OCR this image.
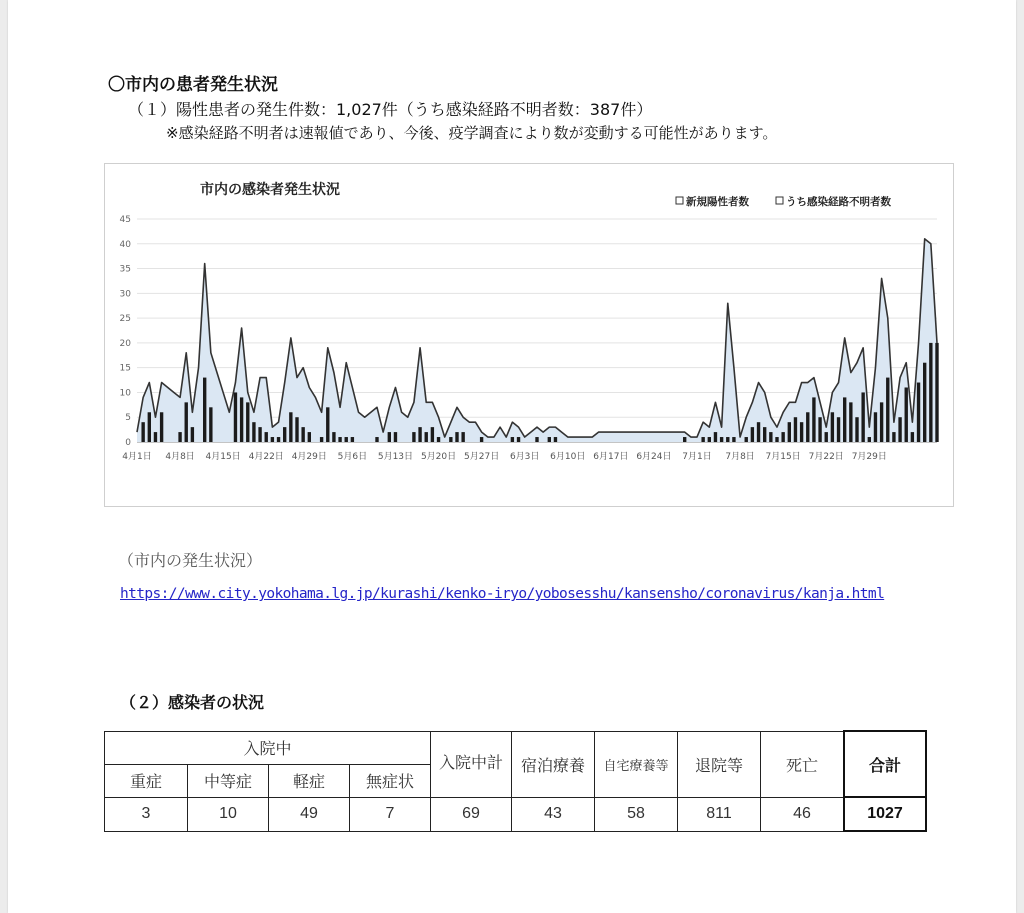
〇市内の患者発生状況
（１）陽性患者の発生件数：1,027件（うち感染経路不明者数：387件）
※感染経路不明者は速報値であり、今後、疫学調査により数が変動する可能性があります。
市内の感染者発生状況
新規陽性者数	うち感染経路不明者数
0
5
10
15
20
25
30
35
40
45
4月1日 4月8日 4月15日 4月22日 4月29日 5月6日 5月13日 5月20日 5月27日 6月3日 6月10日 6月17日 6月24日 7月1日 7月8日 7月15日 7月22日 7月29日
（市内の発生状況）
https://www.city.yokohama.lg.jp/kurashi/kenko-iryo/yobosesshu/kansensho/coronavirus/kanja.html
（２）感染者の状況
入院中				入院中計	宿泊療養	自宅療養等	退院等	死亡	合計
重症	中等症	軽症	無症状						
3	10	49	7	69	43	58	811	46	1027
